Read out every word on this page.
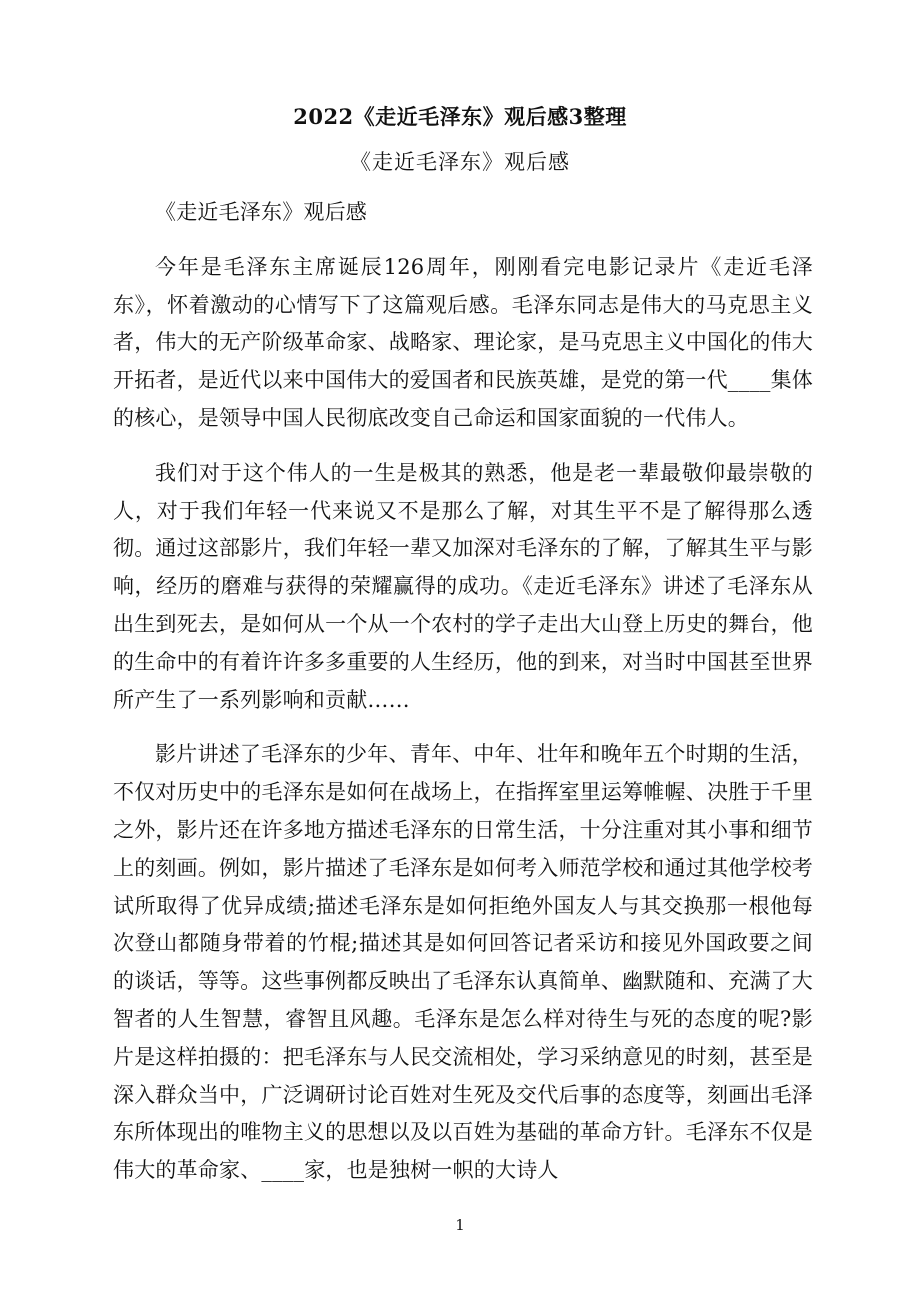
2022《走近毛泽东》观后感3整理
《走近毛泽东》观后感

《走近毛泽东》观后感

今年是毛泽东主席诞辰126周年，刚刚看完电影记录片《走近毛泽东》，怀着激动的心情写下了这篇观后感。毛泽东同志是伟大的马克思主义者，伟大的无产阶级革命家、战略家、理论家，是马克思主义中国化的伟大开拓者，是近代以来中国伟大的爱国者和民族英雄，是党的第一代____集体的核心，是领导中国人民彻底改变自己命运和国家面貌的一代伟人。

我们对于这个伟人的一生是极其的熟悉，他是老一辈最敬仰最崇敬的人，对于我们年轻一代来说又不是那么了解，对其生平不是了解得那么透彻。通过这部影片，我们年轻一辈又加深对毛泽东的了解，了解其生平与影响，经历的磨难与获得的荣耀赢得的成功。《走近毛泽东》讲述了毛泽东从出生到死去，是如何从一个从一个农村的学子走出大山登上历史的舞台，他的生命中的有着许许多多重要的人生经历，他的到来，对当时中国甚至世界所产生了一系列影响和贡献……

影片讲述了毛泽东的少年、青年、中年、壮年和晚年五个时期的生活，不仅对历史中的毛泽东是如何在战场上，在指挥室里运筹帷幄、决胜于千里之外，影片还在许多地方描述毛泽东的日常生活，十分注重对其小事和细节上的刻画。例如，影片描述了毛泽东是如何考入师范学校和通过其他学校考试所取得了优异成绩;描述毛泽东是如何拒绝外国友人与其交换那一根他每次登山都随身带着的竹棍;描述其是如何回答记者采访和接见外国政要之间的谈话，等等。这些事例都反映出了毛泽东认真简单、幽默随和、充满了大智者的人生智慧，睿智且风趣。毛泽东是怎么样对待生与死的态度的呢?影片是这样拍摄的：把毛泽东与人民交流相处，学习采纳意见的时刻，甚至是深入群众当中，广泛调研讨论百姓对生死及交代后事的态度等，刻画出毛泽东所体现出的唯物主义的思想以及以百姓为基础的革命方针。毛泽东不仅是伟大的革命家、____家，也是独树一帜的大诗人

1
